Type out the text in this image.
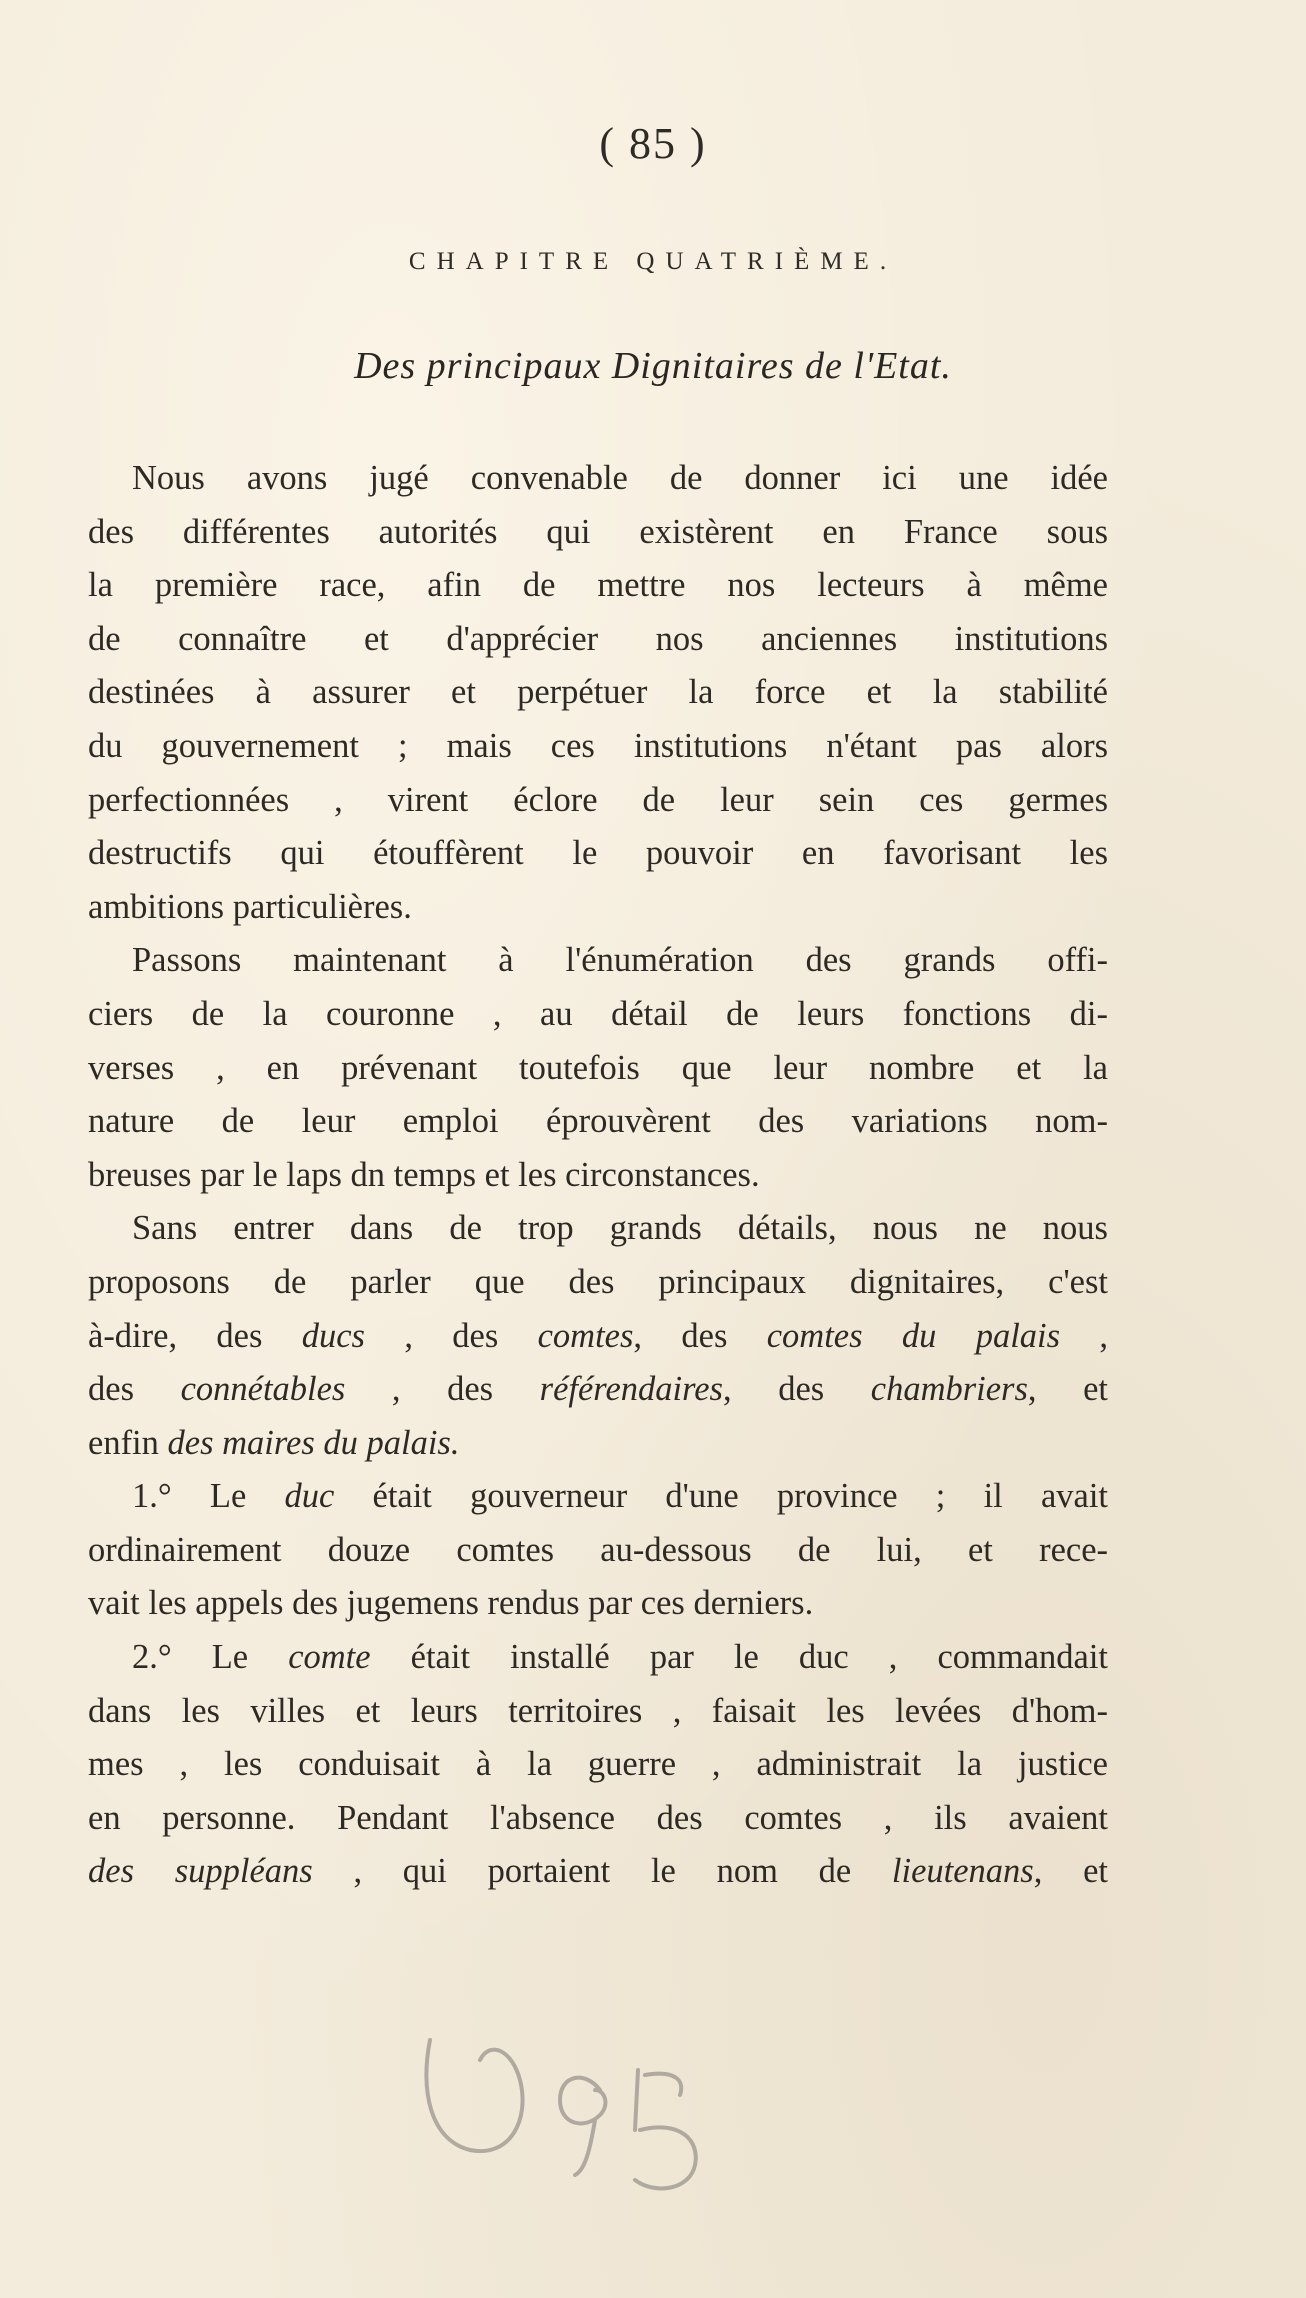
( 85 )
CHAPITRE QUATRIÈME.
Des principaux Dignitaires de l'Etat.
Nous avons jugé convenable de donner ici une idée
des différentes autorités qui existèrent en France sous
la première race, afin de mettre nos lecteurs à même
de connaître et d'apprécier nos anciennes institutions
destinées à assurer et perpétuer la force et la stabilité
du gouvernement ; mais ces institutions n'étant pas alors
perfectionnées , virent éclore de leur sein ces germes
destructifs qui étouffèrent le pouvoir en favorisant les
ambitions particulières.
Passons maintenant à l'énumération des grands offi-
ciers de la couronne , au détail de leurs fonctions di-
verses , en prévenant toutefois que leur nombre et la
nature de leur emploi éprouvèrent des variations nom-
breuses par le laps dn temps et les circonstances.
Sans entrer dans de trop grands détails, nous ne nous
proposons de parler que des principaux dignitaires, c'est
à-dire, des ducs , des comtes, des comtes du palais ,
des connétables , des référendaires, des chambriers, et
enfin des maires du palais.
1.° Le duc était gouverneur d'une province ; il avait
ordinairement douze comtes au-dessous de lui, et rece-
vait les appels des jugemens rendus par ces derniers.
2.° Le comte était installé par le duc , commandait
dans les villes et leurs territoires , faisait les levées d'hom-
mes , les conduisait à la guerre , administrait la justice
en personne. Pendant l'absence des comtes , ils avaient
des suppléans , qui portaient le nom de lieutenans, et
